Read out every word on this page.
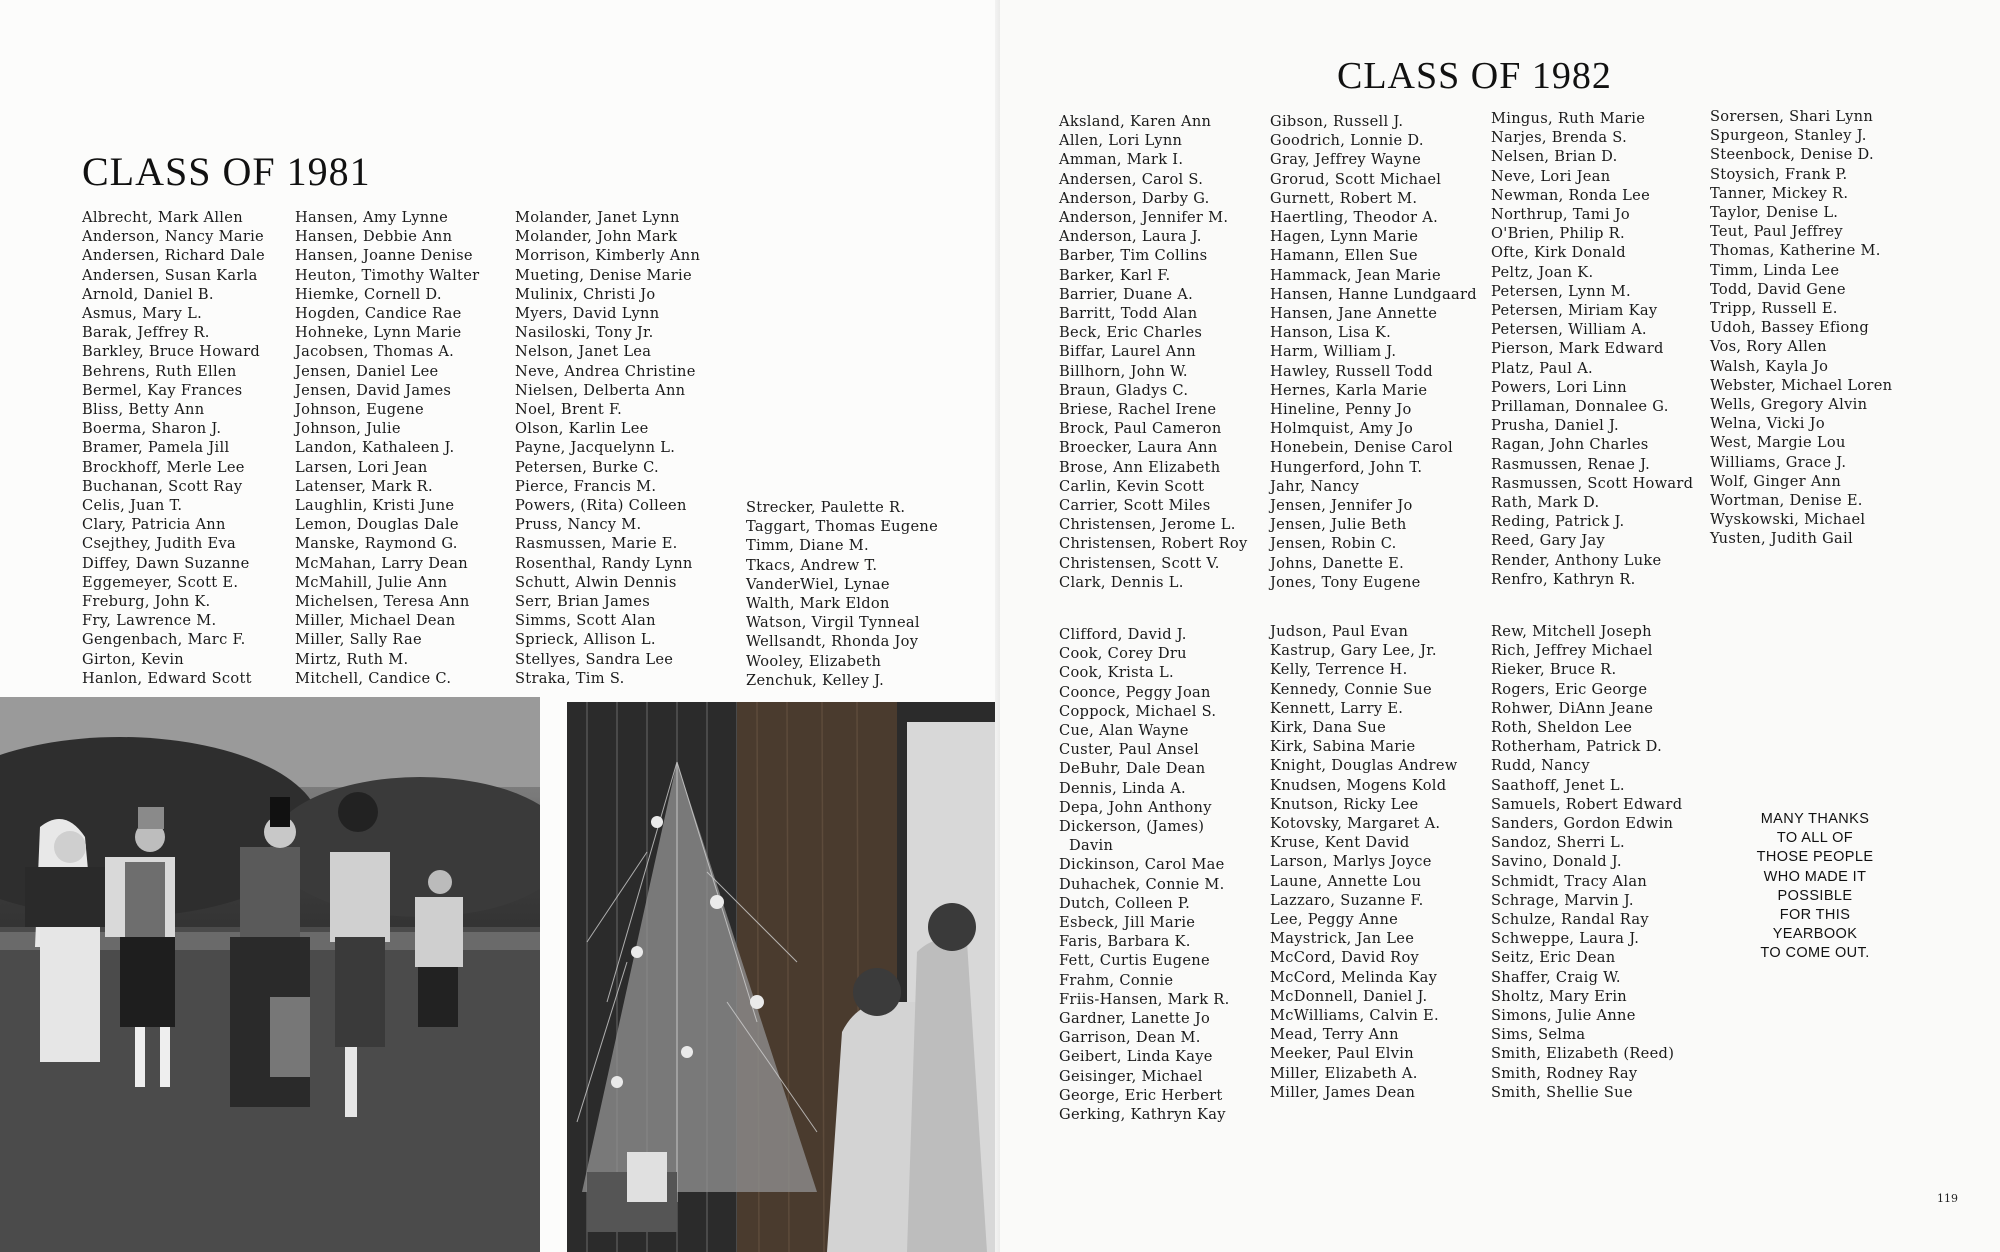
CLASS OF 1981
Albrecht, Mark Allen
Anderson, Nancy Marie
Andersen, Richard Dale
Andersen, Susan Karla
Arnold, Daniel B.
Asmus, Mary L.
Barak, Jeffrey R.
Barkley, Bruce Howard
Behrens, Ruth Ellen
Bermel, Kay Frances
Bliss, Betty Ann
Boerma, Sharon J.
Bramer, Pamela Jill
Brockhoff, Merle Lee
Buchanan, Scott Ray
Celis, Juan T.
Clary, Patricia Ann
Csejthey, Judith Eva
Diffey, Dawn Suzanne
Eggemeyer, Scott E.
Freburg, John K.
Fry, Lawrence M.
Gengenbach, Marc F.
Girton, Kevin
Hanlon, Edward Scott
Hansen, Amy Lynne
Hansen, Debbie Ann
Hansen, Joanne Denise
Heuton, Timothy Walter
Hiemke, Cornell D.
Hogden, Candice Rae
Hohneke, Lynn Marie
Jacobsen, Thomas A.
Jensen, Daniel Lee
Jensen, David James
Johnson, Eugene
Johnson, Julie
Landon, Kathaleen J.
Larsen, Lori Jean
Latenser, Mark R.
Laughlin, Kristi June
Lemon, Douglas Dale
Manske, Raymond G.
McMahan, Larry Dean
McMahill, Julie Ann
Michelsen, Teresa Ann
Miller, Michael Dean
Miller, Sally Rae
Mirtz, Ruth M.
Mitchell, Candice C.
Molander, Janet Lynn
Molander, John Mark
Morrison, Kimberly Ann
Mueting, Denise Marie
Mulinix, Christi Jo
Myers, David Lynn
Nasiloski, Tony Jr.
Nelson, Janet Lea
Neve, Andrea Christine
Nielsen, Delberta Ann
Noel, Brent F.
Olson, Karlin Lee
Payne, Jacquelynn L.
Petersen, Burke C.
Pierce, Francis M.
Powers, (Rita) Colleen
Pruss, Nancy M.
Rasmussen, Marie E.
Rosenthal, Randy Lynn
Schutt, Alwin Dennis
Serr, Brian James
Simms, Scott Alan
Sprieck, Allison L.
Stellyes, Sandra Lee
Straka, Tim S.
Strecker, Paulette R.
Taggart, Thomas Eugene
Timm, Diane M.
Tkacs, Andrew T.
VanderWiel, Lynae
Walth, Mark Eldon
Watson, Virgil Tynneal
Wellsandt, Rhonda Joy
Wooley, Elizabeth
Zenchuk, Kelley J.
CLASS OF 1982
Aksland, Karen Ann
Allen, Lori Lynn
Amman, Mark I.
Andersen, Carol S.
Anderson, Darby G.
Anderson, Jennifer M.
Anderson, Laura J.
Barber, Tim Collins
Barker, Karl F.
Barrier, Duane A.
Barritt, Todd Alan
Beck, Eric Charles
Biffar, Laurel Ann
Billhorn, John W.
Braun, Gladys C.
Briese, Rachel Irene
Brock, Paul Cameron
Broecker, Laura Ann
Brose, Ann Elizabeth
Carlin, Kevin Scott
Carrier, Scott Miles
Christensen, Jerome L.
Christensen, Robert Roy
Christensen, Scott V.
Clark, Dennis L.
Gibson, Russell J.
Goodrich, Lonnie D.
Gray, Jeffrey Wayne
Grorud, Scott Michael
Gurnett, Robert M.
Haertling, Theodor A.
Hagen, Lynn Marie
Hamann, Ellen Sue
Hammack, Jean Marie
Hansen, Hanne Lundgaard
Hansen, Jane Annette
Hanson, Lisa K.
Harm, William J.
Hawley, Russell Todd
Hernes, Karla Marie
Hineline, Penny Jo
Holmquist, Amy Jo
Honebein, Denise Carol
Hungerford, John T.
Jahr, Nancy
Jensen, Jennifer Jo
Jensen, Julie Beth
Jensen, Robin C.
Johns, Danette E.
Jones, Tony Eugene
Mingus, Ruth Marie
Narjes, Brenda S.
Nelsen, Brian D.
Neve, Lori Jean
Newman, Ronda Lee
Northrup, Tami Jo
O'Brien, Philip R.
Ofte, Kirk Donald
Peltz, Joan K.
Petersen, Lynn M.
Petersen, Miriam Kay
Petersen, William A.
Pierson, Mark Edward
Platz, Paul A.
Powers, Lori Linn
Prillaman, Donnalee G.
Prusha, Daniel J.
Ragan, John Charles
Rasmussen, Renae J.
Rasmussen, Scott Howard
Rath, Mark D.
Reding, Patrick J.
Reed, Gary Jay
Render, Anthony Luke
Renfro, Kathryn R.
Sorersen, Shari Lynn
Spurgeon, Stanley J.
Steenbock, Denise D.
Stoysich, Frank P.
Tanner, Mickey R.
Taylor, Denise L.
Teut, Paul Jeffrey
Thomas, Katherine M.
Timm, Linda Lee
Todd, David Gene
Tripp, Russell E.
Udoh, Bassey Efiong
Vos, Rory Allen
Walsh, Kayla Jo
Webster, Michael Loren
Wells, Gregory Alvin
Welna, Vicki Jo
West, Margie Lou
Williams, Grace J.
Wolf, Ginger Ann
Wortman, Denise E.
Wyskowski, Michael
Yusten, Judith Gail
Clifford, David J.
Cook, Corey Dru
Cook, Krista L.
Coonce, Peggy Joan
Coppock, Michael S.
Cue, Alan Wayne
Custer, Paul Ansel
DeBuhr, Dale Dean
Dennis, Linda A.
Depa, John Anthony
Dickerson, (James)
Davin
Dickinson, Carol Mae
Duhachek, Connie M.
Dutch, Colleen P.
Esbeck, Jill Marie
Faris, Barbara K.
Fett, Curtis Eugene
Frahm, Connie
Friis-Hansen, Mark R.
Gardner, Lanette Jo
Garrison, Dean M.
Geibert, Linda Kaye
Geisinger, Michael
George, Eric Herbert
Gerking, Kathryn Kay
Judson, Paul Evan
Kastrup, Gary Lee, Jr.
Kelly, Terrence H.
Kennedy, Connie Sue
Kennett, Larry E.
Kirk, Dana Sue
Kirk, Sabina Marie
Knight, Douglas Andrew
Knudsen, Mogens Kold
Knutson, Ricky Lee
Kotovsky, Margaret A.
Kruse, Kent David
Larson, Marlys Joyce
Laune, Annette Lou
Lazzaro, Suzanne F.
Lee, Peggy Anne
Maystrick, Jan Lee
McCord, David Roy
McCord, Melinda Kay
McDonnell, Daniel J.
McWilliams, Calvin E.
Mead, Terry Ann
Meeker, Paul Elvin
Miller, Elizabeth A.
Miller, James Dean
Rew, Mitchell Joseph
Rich, Jeffrey Michael
Rieker, Bruce R.
Rogers, Eric George
Rohwer, DiAnn Jeane
Roth, Sheldon Lee
Rotherham, Patrick D.
Rudd, Nancy
Saathoff, Jenet L.
Samuels, Robert Edward
Sanders, Gordon Edwin
Sandoz, Sherri L.
Savino, Donald J.
Schmidt, Tracy Alan
Schrage, Marvin J.
Schulze, Randal Ray
Schweppe, Laura J.
Seitz, Eric Dean
Shaffer, Craig W.
Sholtz, Mary Erin
Simons, Julie Anne
Sims, Selma
Smith, Elizabeth (Reed)
Smith, Rodney Ray
Smith, Shellie Sue
MANY THANKS
TO ALL OF
THOSE PEOPLE
WHO MADE IT
POSSIBLE
FOR THIS
YEARBOOK
TO COME OUT.
119
